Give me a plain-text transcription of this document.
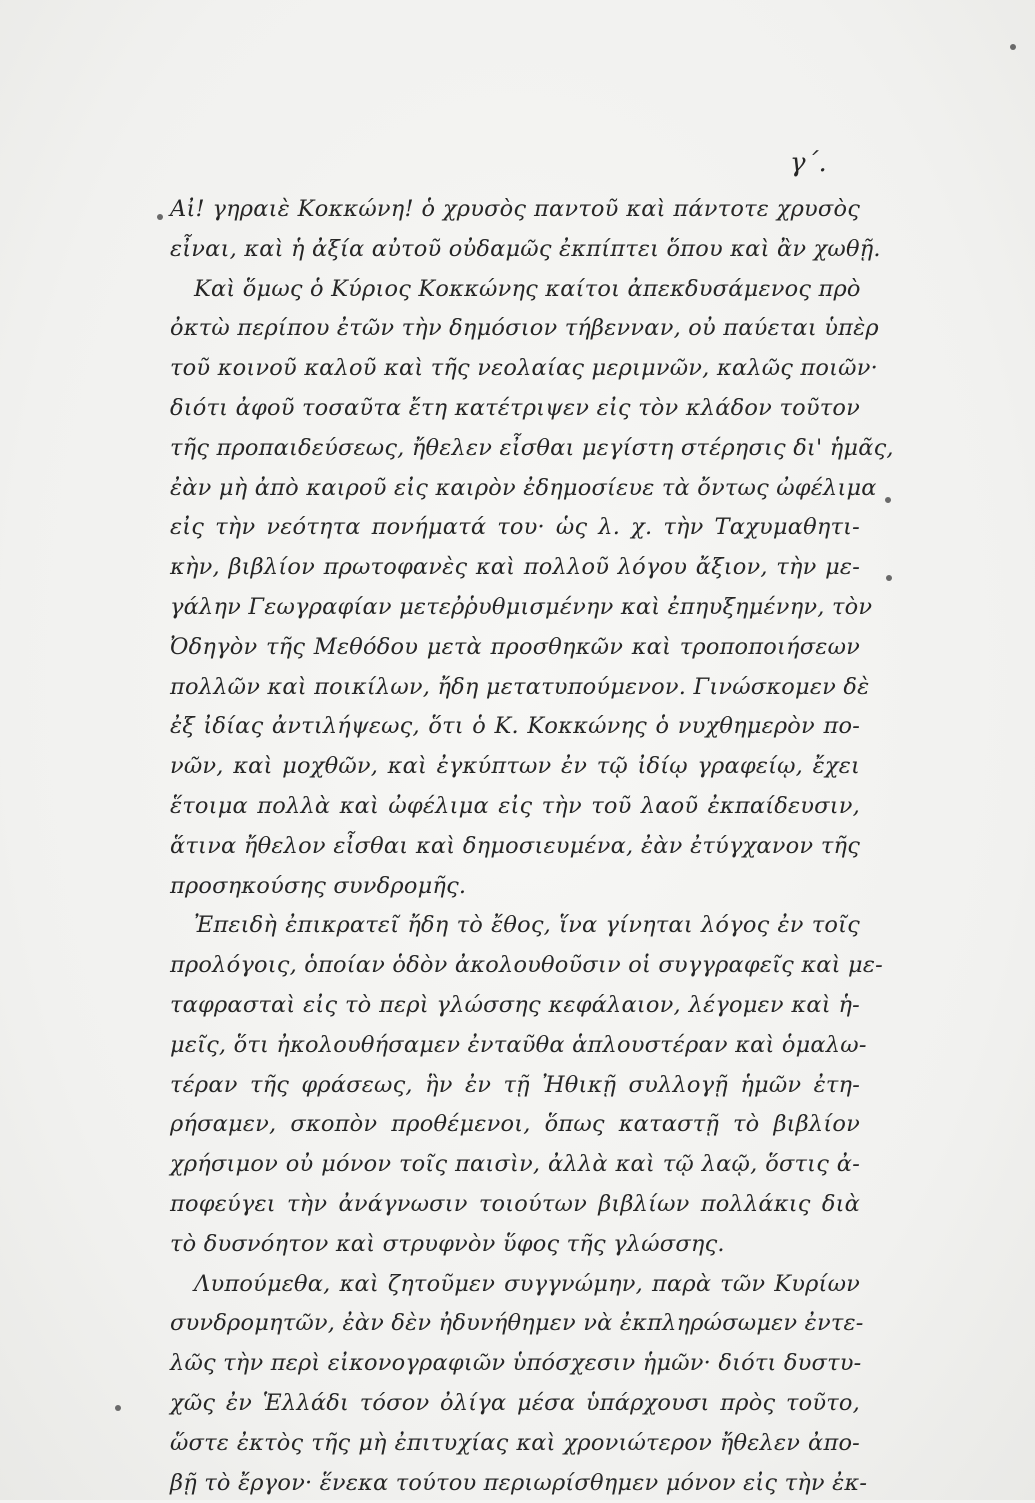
γ΄.
Αἰ! γηραιὲ Κοκκώνη! ὁ χρυσὸς παντοῦ καὶ πάντοτε χρυσὸς
εἶναι, καὶ ἡ ἀξία αὐτοῦ οὐδαμῶς ἐκπίπτει ὅπου καὶ ἂν χωθῇ.
Καὶ ὅμως ὁ Κύριος Κοκκώνης καίτοι ἀπεκδυσάμενος πρὸ
ὀκτὼ περίπου ἐτῶν τὴν δημόσιον τήβενναν, οὐ παύεται ὑπὲρ
τοῦ κοινοῦ καλοῦ καὶ τῆς νεολαίας μεριμνῶν, καλῶς ποιῶν·
διότι ἀφοῦ τοσαῦτα ἔτη κατέτριψεν εἰς τὸν κλάδον τοῦτον
τῆς προπαιδεύσεως, ἤθελεν εἶσθαι μεγίστη στέρησις δι' ἡμᾶς,
ἐὰν μὴ ἀπὸ καιροῦ εἰς καιρὸν ἐδημοσίευε τὰ ὄντως ὠφέλιμα
εἰς τὴν νεότητα πονήματά του· ὡς λ. χ. τὴν Ταχυμαθητι-
κὴν, βιβλίον πρωτοφανὲς καὶ πολλοῦ λόγου ἄξιον, τὴν με-
γάλην Γεωγραφίαν μετεῤῥυθμισμένην καὶ ἐπηυξημένην, τὸν
Ὀδηγὸν τῆς Μεθόδου μετὰ προσθηκῶν καὶ τροποποιήσεων
πολλῶν καὶ ποικίλων, ἤδη μετατυπούμενον. Γινώσκομεν δὲ
ἐξ ἰδίας ἀντιλήψεως, ὅτι ὁ Κ. Κοκκώνης ὁ νυχθημερὸν πο-
νῶν, καὶ μοχθῶν, καὶ ἐγκύπτων ἐν τῷ ἰδίῳ γραφείῳ, ἔχει
ἕτοιμα πολλὰ καὶ ὠφέλιμα εἰς τὴν τοῦ λαοῦ ἐκπαίδευσιν,
ἅτινα ἤθελον εἶσθαι καὶ δημοσιευμένα, ἐὰν ἐτύγχανον τῆς
προσηκούσης συνδρομῆς.
Ἐπειδὴ ἐπικρατεῖ ἤδη τὸ ἔθος, ἵνα γίνηται λόγος ἐν τοῖς
προλόγοις, ὁποίαν ὁδὸν ἀκολουθοῦσιν οἱ συγγραφεῖς καὶ με-
ταφρασταὶ εἰς τὸ περὶ γλώσσης κεφάλαιον, λέγομεν καὶ ἡ-
μεῖς, ὅτι ἠκολουθήσαμεν ἐνταῦθα ἁπλουστέραν καὶ ὁμαλω-
τέραν τῆς φράσεως, ἣν ἐν τῇ Ἠθικῇ συλλογῇ ἡμῶν ἐτη-
ρήσαμεν, σκοπὸν προθέμενοι, ὅπως καταστῇ τὸ βιβλίον
χρήσιμον οὐ μόνον τοῖς παισὶν, ἀλλὰ καὶ τῷ λαῷ, ὅστις ἀ-
ποφεύγει τὴν ἀνάγνωσιν τοιούτων βιβλίων πολλάκις διὰ
τὸ δυσνόητον καὶ στρυφνὸν ὕφος τῆς γλώσσης.
Λυπούμεθα, καὶ ζητοῦμεν συγγνώμην, παρὰ τῶν Κυρίων
συνδρομητῶν, ἐὰν δὲν ἠδυνήθημεν νὰ ἐκπληρώσωμεν ἐντε-
λῶς τὴν περὶ εἰκονογραφιῶν ὑπόσχεσιν ἡμῶν· διότι δυστυ-
χῶς ἐν Ἑλλάδι τόσον ὀλίγα μέσα ὑπάρχουσι πρὸς τοῦτο,
ὥστε ἐκτὸς τῆς μὴ ἐπιτυχίας καὶ χρονιώτερον ἤθελεν ἀπο-
βῇ τὸ ἔργον· ἕνεκα τούτου περιωρίσθημεν μόνον εἰς τὴν ἐκ-
